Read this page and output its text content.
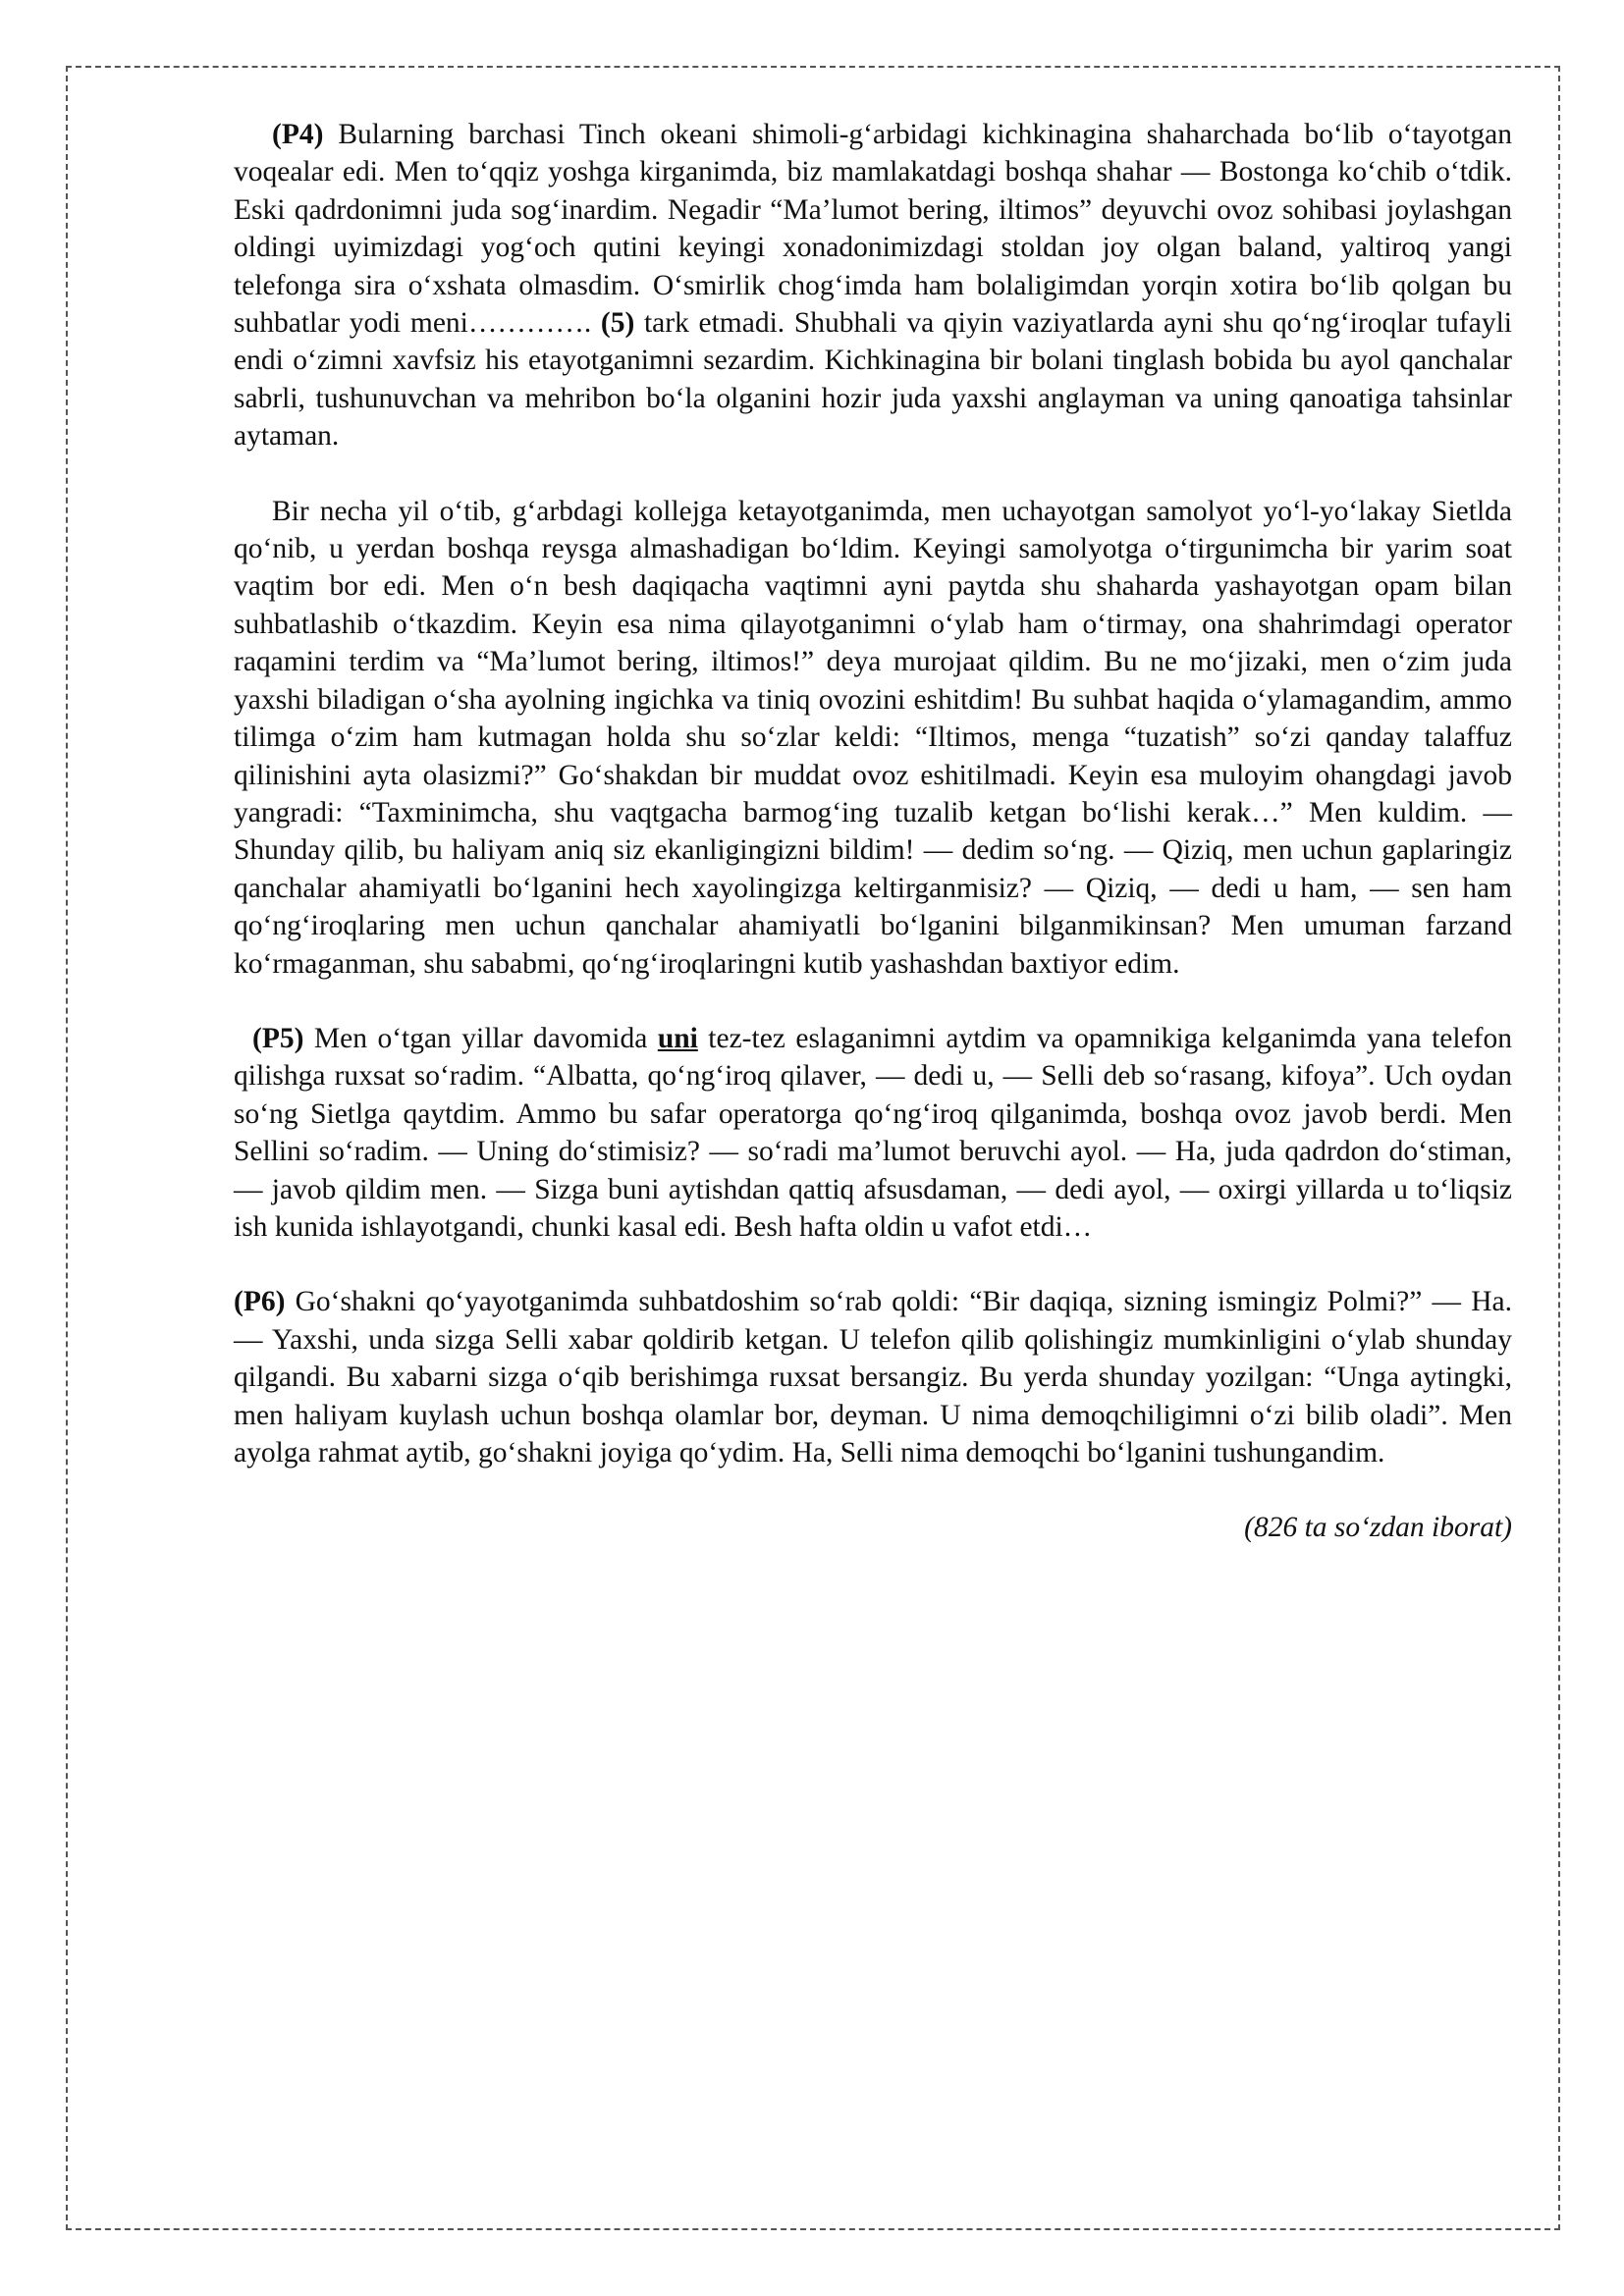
(P4) Bularning barchasi Tinch okeani shimoli-g‘arbidagi kichkinagina shaharchada bo‘lib o‘tayotgan voqealar edi. Men to‘qqiz yoshga kirganimda, biz mamlakatdagi boshqa shahar — Bostonga ko‘chib o‘tdik. Eski qadrdonimni juda sog‘inardim. Negadir “Ma’lumot bering, iltimos” deyuvchi ovoz sohibasi joylashgan oldingi uyimizdagi yog‘och qutini keyingi xonadonimizdagi stoldan joy olgan baland, yaltiroq yangi telefonga sira o‘xshata olmasdim. O‘smirlik chog‘imda ham bolaligimdan yorqin xotira bo‘lib qolgan bu suhbatlar yodi meni…………. (5) tark etmadi. Shubhali va qiyin vaziyatlarda ayni shu qo‘ng‘iroqlar tufayli endi o‘zimni xavfsiz his etayotganimni sezardim. Kichkinagina bir bolani tinglash bobida bu ayol qanchalar sabrli, tushunuvchan va mehribon bo‘la olganini hozir juda yaxshi anglayman va uning qanoatiga tahsinlar aytaman.

Bir necha yil o‘tib, g‘arbdagi kollejga ketayotganimda, men uchayotgan samolyot yo‘l-yo‘lakay Sietlda qo‘nib, u yerdan boshqa reysga almashadigan bo‘ldim. Keyingi samolyotga o‘tirgunimcha bir yarim soat vaqtim bor edi. Men o‘n besh daqiqacha vaqtimni ayni paytda shu shaharda yashayotgan opam bilan suhbatlashib o‘tkazdim. Keyin esa nima qilayotganimni o‘ylab ham o‘tirmay, ona shahrimdagi operator raqamini terdim va “Ma’lumot bering, iltimos!” deya murojaat qildim. Bu ne mo‘jizaki, men o‘zim juda yaxshi biladigan o‘sha ayolning ingichka va tiniq ovozini eshitdim! Bu suhbat haqida o‘ylamagandim, ammo tilimga o‘zim ham kutmagan holda shu so‘zlar keldi: “Iltimos, menga “tuzatish” so‘zi qanday talaffuz qilinishini ayta olasizmi?” Go‘shakdan bir muddat ovoz eshitilmadi. Keyin esa muloyim ohangdagi javob yangradi: “Taxminimcha, shu vaqtgacha barmog‘ing tuzalib ketgan bo‘lishi kerak…” Men kuldim. — Shunday qilib, bu haliyam aniq siz ekanligingizni bildim! — dedim so‘ng. — Qiziq, men uchun gaplaringiz qanchalar ahamiyatli bo‘lganini hech xayolingizga keltirganmisiz? — Qiziq, — dedi u ham, — sen ham qo‘ng‘iroqlaring men uchun qanchalar ahamiyatli bo‘lganini bilganmikinsan? Men umuman farzand ko‘rmaganman, shu sababmi, qo‘ng‘iroqlaringni kutib yashashdan baxtiyor edim.

(P5) Men o‘tgan yillar davomida uni tez-tez eslaganimni aytdim va opamnikiga kelganimda yana telefon qilishga ruxsat so‘radim. “Albatta, qo‘ng‘iroq qilaver, — dedi u, — Selli deb so‘rasang, kifoya”. Uch oydan so‘ng Sietlga qaytdim. Ammo bu safar operatorga qo‘ng‘iroq qilganimda, boshqa ovoz javob berdi. Men Sellini so‘radim. — Uning do‘stimisiz? — so‘radi ma’lumot beruvchi ayol. — Ha, juda qadrdon do‘stiman, — javob qildim men. — Sizga buni aytishdan qattiq afsusdaman, — dedi ayol, — oxirgi yillarda u to‘liqsiz ish kunida ishlayotgandi, chunki kasal edi. Besh hafta oldin u vafot etdi…

(P6) Go‘shakni qo‘yayotganimda suhbatdoshim so‘rab qoldi: “Bir daqiqa, sizning ismingiz Polmi?” — Ha. — Yaxshi, unda sizga Selli xabar qoldirib ketgan. U telefon qilib qolishingiz mumkinligini o‘ylab shunday qilgandi. Bu xabarni sizga o‘qib berishimga ruxsat bersangiz. Bu yerda shunday yozilgan: “Unga aytingki, men haliyam kuylash uchun boshqa olamlar bor, deyman. U nima demoqchiligimni o‘zi bilib oladi”. Men ayolga rahmat aytib, go‘shakni joyiga qo‘ydim. Ha, Selli nima demoqchi bo‘lganini tushungandim.

(826 ta so‘zdan iborat)
